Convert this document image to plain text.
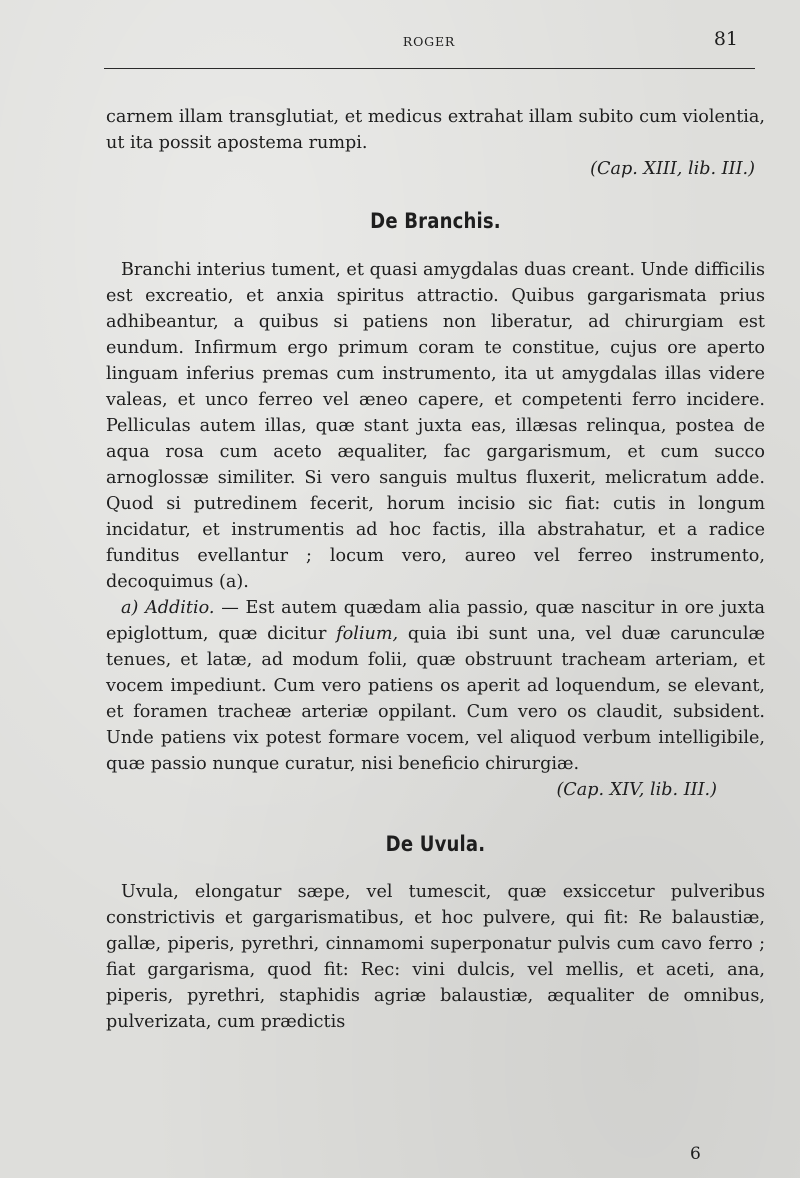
ROGER	81

carnem illam transglutiat, et medicus extrahat illam subito cum violentia, ut ita possit apostema rumpi.

(Cap. XIII, lib. III.)

De Branchis.

Branchi interius tument, et quasi amygdalas duas creant. Unde difficilis est excreatio, et anxia spiritus attractio. Quibus gargarismata prius adhibeantur, a quibus si patiens non liberatur, ad chirurgiam est eundum. Infirmum ergo primum coram te constitue, cujus ore aperto linguam inferius premas cum instrumento, ita ut amygdalas illas videre valeas, et unco ferreo vel æneo capere, et competenti ferro incidere. Pelliculas autem illas, quæ stant juxta eas, illæsas relinqua, postea de aqua rosa cum aceto æqualiter, fac gargarismum, et cum succo arnoglossæ similiter. Si vero sanguis multus fluxerit, melicratum adde. Quod si putredinem fecerit, horum incisio sic fiat: cutis in longum incidatur, et instrumentis ad hoc factis, illa abstrahatur, et a radice funditus evellantur ; locum vero, aureo vel ferreo instrumento, decoquimus (a).

a) Additio. — Est autem quædam alia passio, quæ nascitur in ore juxta epiglottum, quæ dicitur folium, quia ibi sunt una, vel duæ carunculæ tenues, et latæ, ad modum folii, quæ obstruunt tracheam arteriam, et vocem impediunt. Cum vero patiens os aperit ad loquendum, se elevant, et foramen tracheæ arteriæ oppilant. Cum vero os claudit, subsident. Unde patiens vix potest formare vocem, vel aliquod verbum intelligibile, quæ passio nunque curatur, nisi beneficio chirurgiæ.

(Cap. XIV, lib. III.)

De Uvula.

Uvula, elongatur sæpe, vel tumescit, quæ exsiccetur pulveribus constrictivis et gargarismatibus, et hoc pulvere, qui fit: Re balaustiæ, gallæ, piperis, pyrethri, cinnamomi superponatur pulvis cum cavo ferro ; fiat gargarisma, quod fit: Rec: vini dulcis, vel mellis, et aceti, ana, piperis, pyrethri, staphidis agriæ balaustiæ, æqualiter de omnibus, pulverizata, cum prædictis

6
